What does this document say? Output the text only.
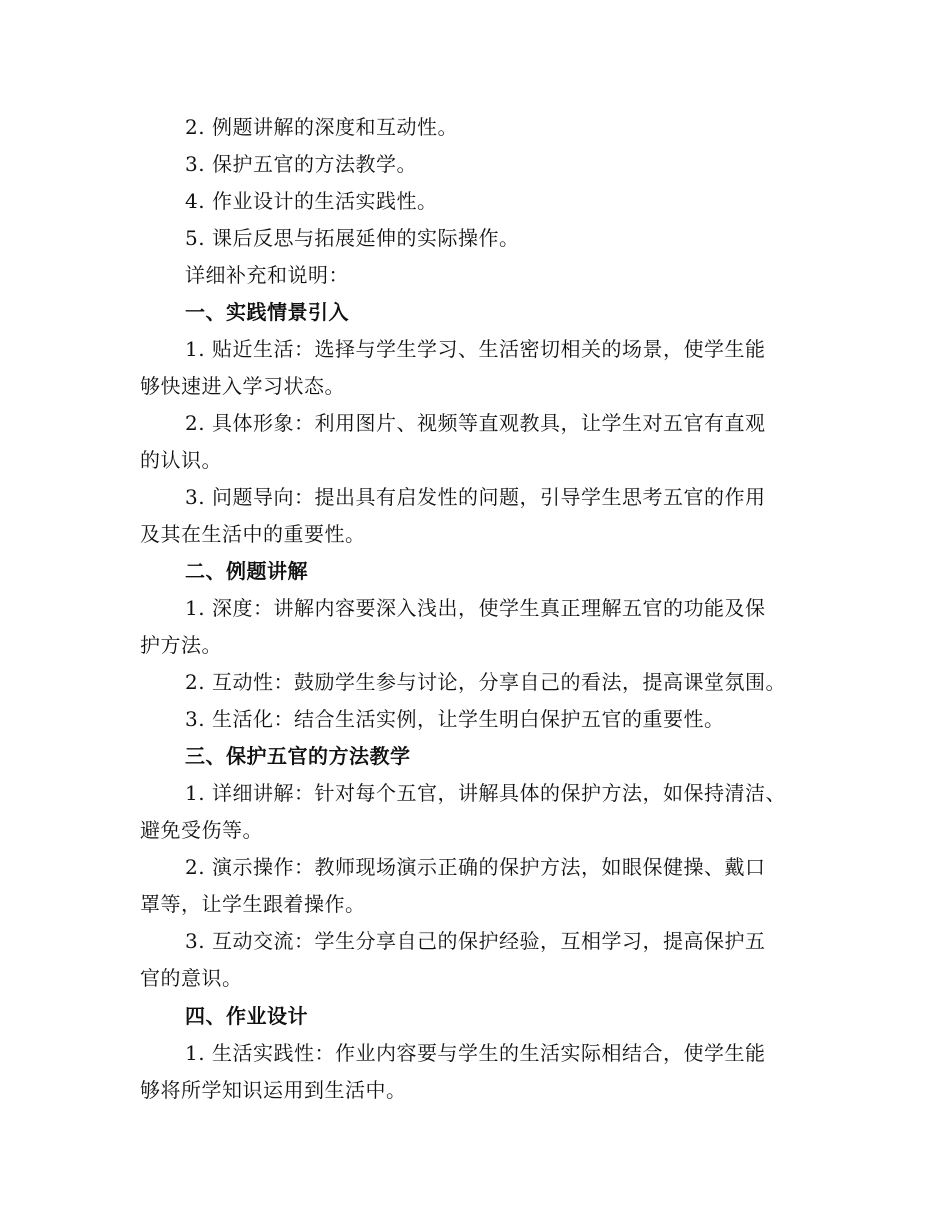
2. 例题讲解的深度和互动性。
3. 保护五官的方法教学。
4. 作业设计的生活实践性。
5. 课后反思与拓展延伸的实际操作。
详细补充和说明：
一、实践情景引入
1. 贴近生活：选择与学生学习、生活密切相关的场景，使学生能
够快速进入学习状态。
2. 具体形象：利用图片、视频等直观教具，让学生对五官有直观
的认识。
3. 问题导向：提出具有启发性的问题，引导学生思考五官的作用
及其在生活中的重要性。
二、例题讲解
1. 深度：讲解内容要深入浅出，使学生真正理解五官的功能及保
护方法。
2. 互动性：鼓励学生参与讨论，分享自己的看法，提高课堂氛围。
3. 生活化：结合生活实例，让学生明白保护五官的重要性。
三、保护五官的方法教学
1. 详细讲解：针对每个五官，讲解具体的保护方法，如保持清洁、
避免受伤等。
2. 演示操作：教师现场演示正确的保护方法，如眼保健操、戴口
罩等，让学生跟着操作。
3. 互动交流：学生分享自己的保护经验，互相学习，提高保护五
官的意识。
四、作业设计
1. 生活实践性：作业内容要与学生的生活实际相结合，使学生能
够将所学知识运用到生活中。
